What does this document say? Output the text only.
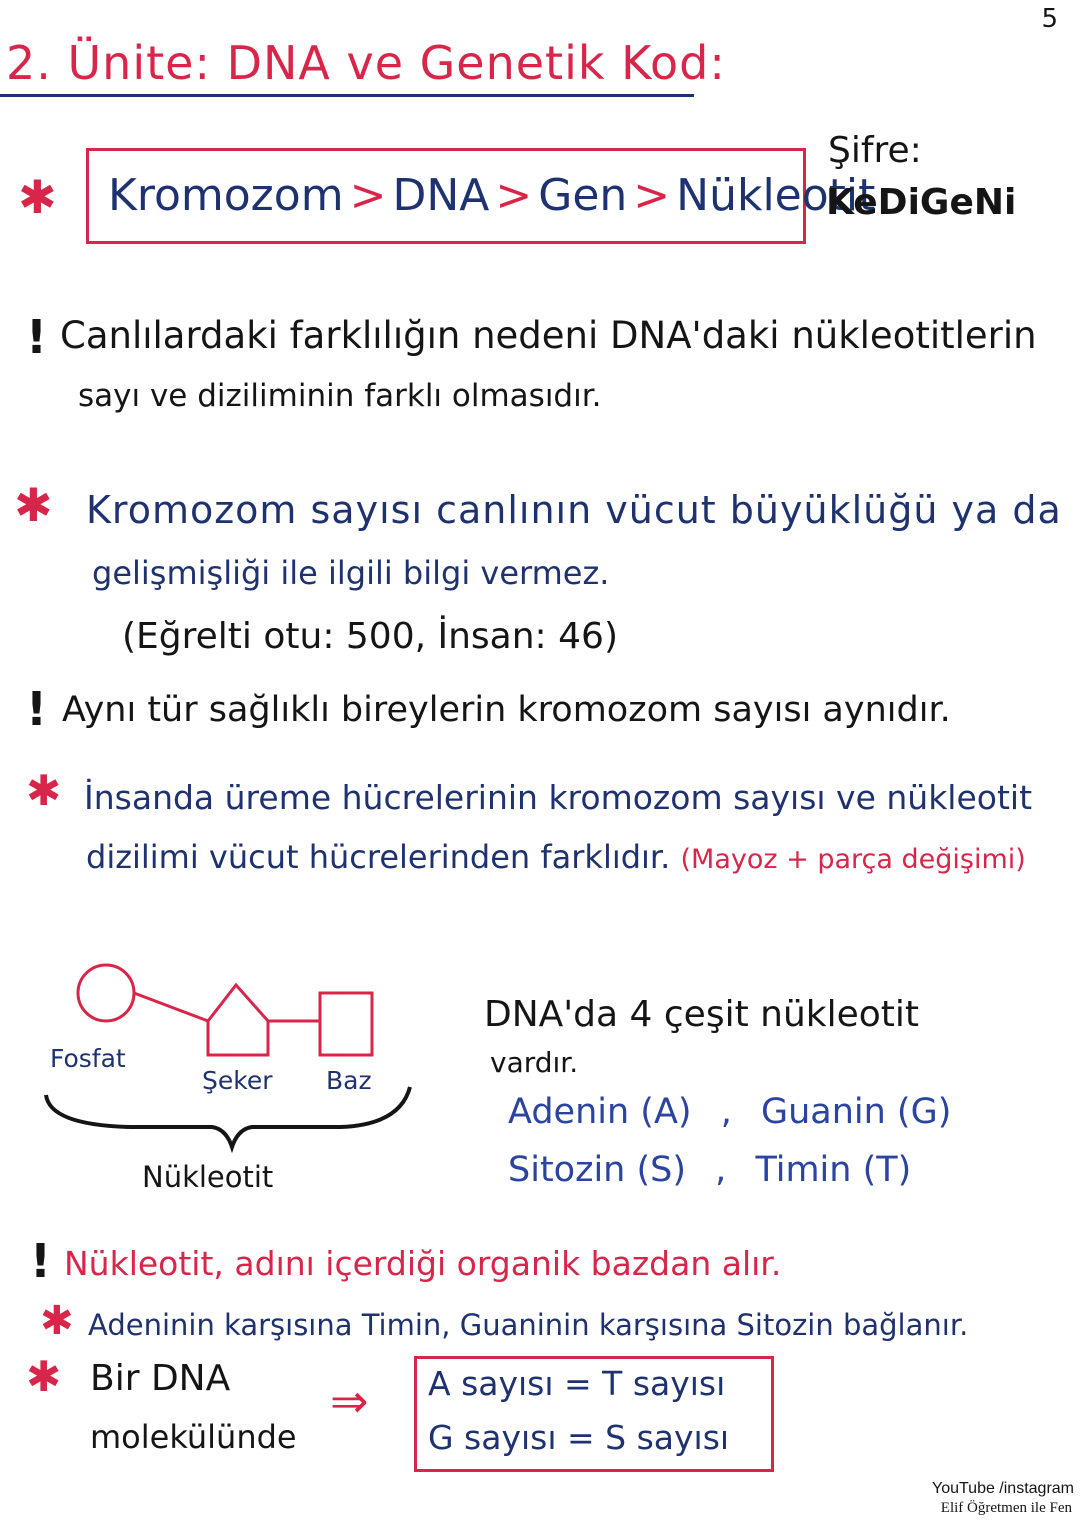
5
2. Ünite: DNA ve Genetik Kod:
✱ Kromozom > DNA > Gen > Nükleotit
Şifre:
KeDiGeNi
! Canlılardaki farklılığın nedeni DNA'daki nükleotitlerin
sayı ve diziliminin farklı olmasıdır.
✱ Kromozom sayısı canlının vücut büyüklüğü ya da
gelişmişliği ile ilgili bilgi vermez.
(Eğrelti otu: 500, İnsan: 46)
! Aynı tür sağlıklı bireylerin kromozom sayısı aynıdır.
✱ İnsanda üreme hücrelerinin kromozom sayısı ve nükleotit
dizilimi vücut hücrelerinden farklıdır. (Mayoz + parça değişimi)
Fosfat
Şeker Baz
Nükleotit
DNA'da 4 çeşit nükleotit
vardır.
Adenin (A) , Guanin (G)
Sitozin (S) , Timin (T)
! Nükleotit, adını içerdiği organik bazdan alır.
✱ Adeninin karşısına Timin, Guaninin karşısına Sitozin bağlanır.
✱ Bir DNA
molekülünde
⇒ A sayısı = T sayısı
G sayısı = S sayısı
YouTube /instagram
Elif Öğretmen ile Fen
